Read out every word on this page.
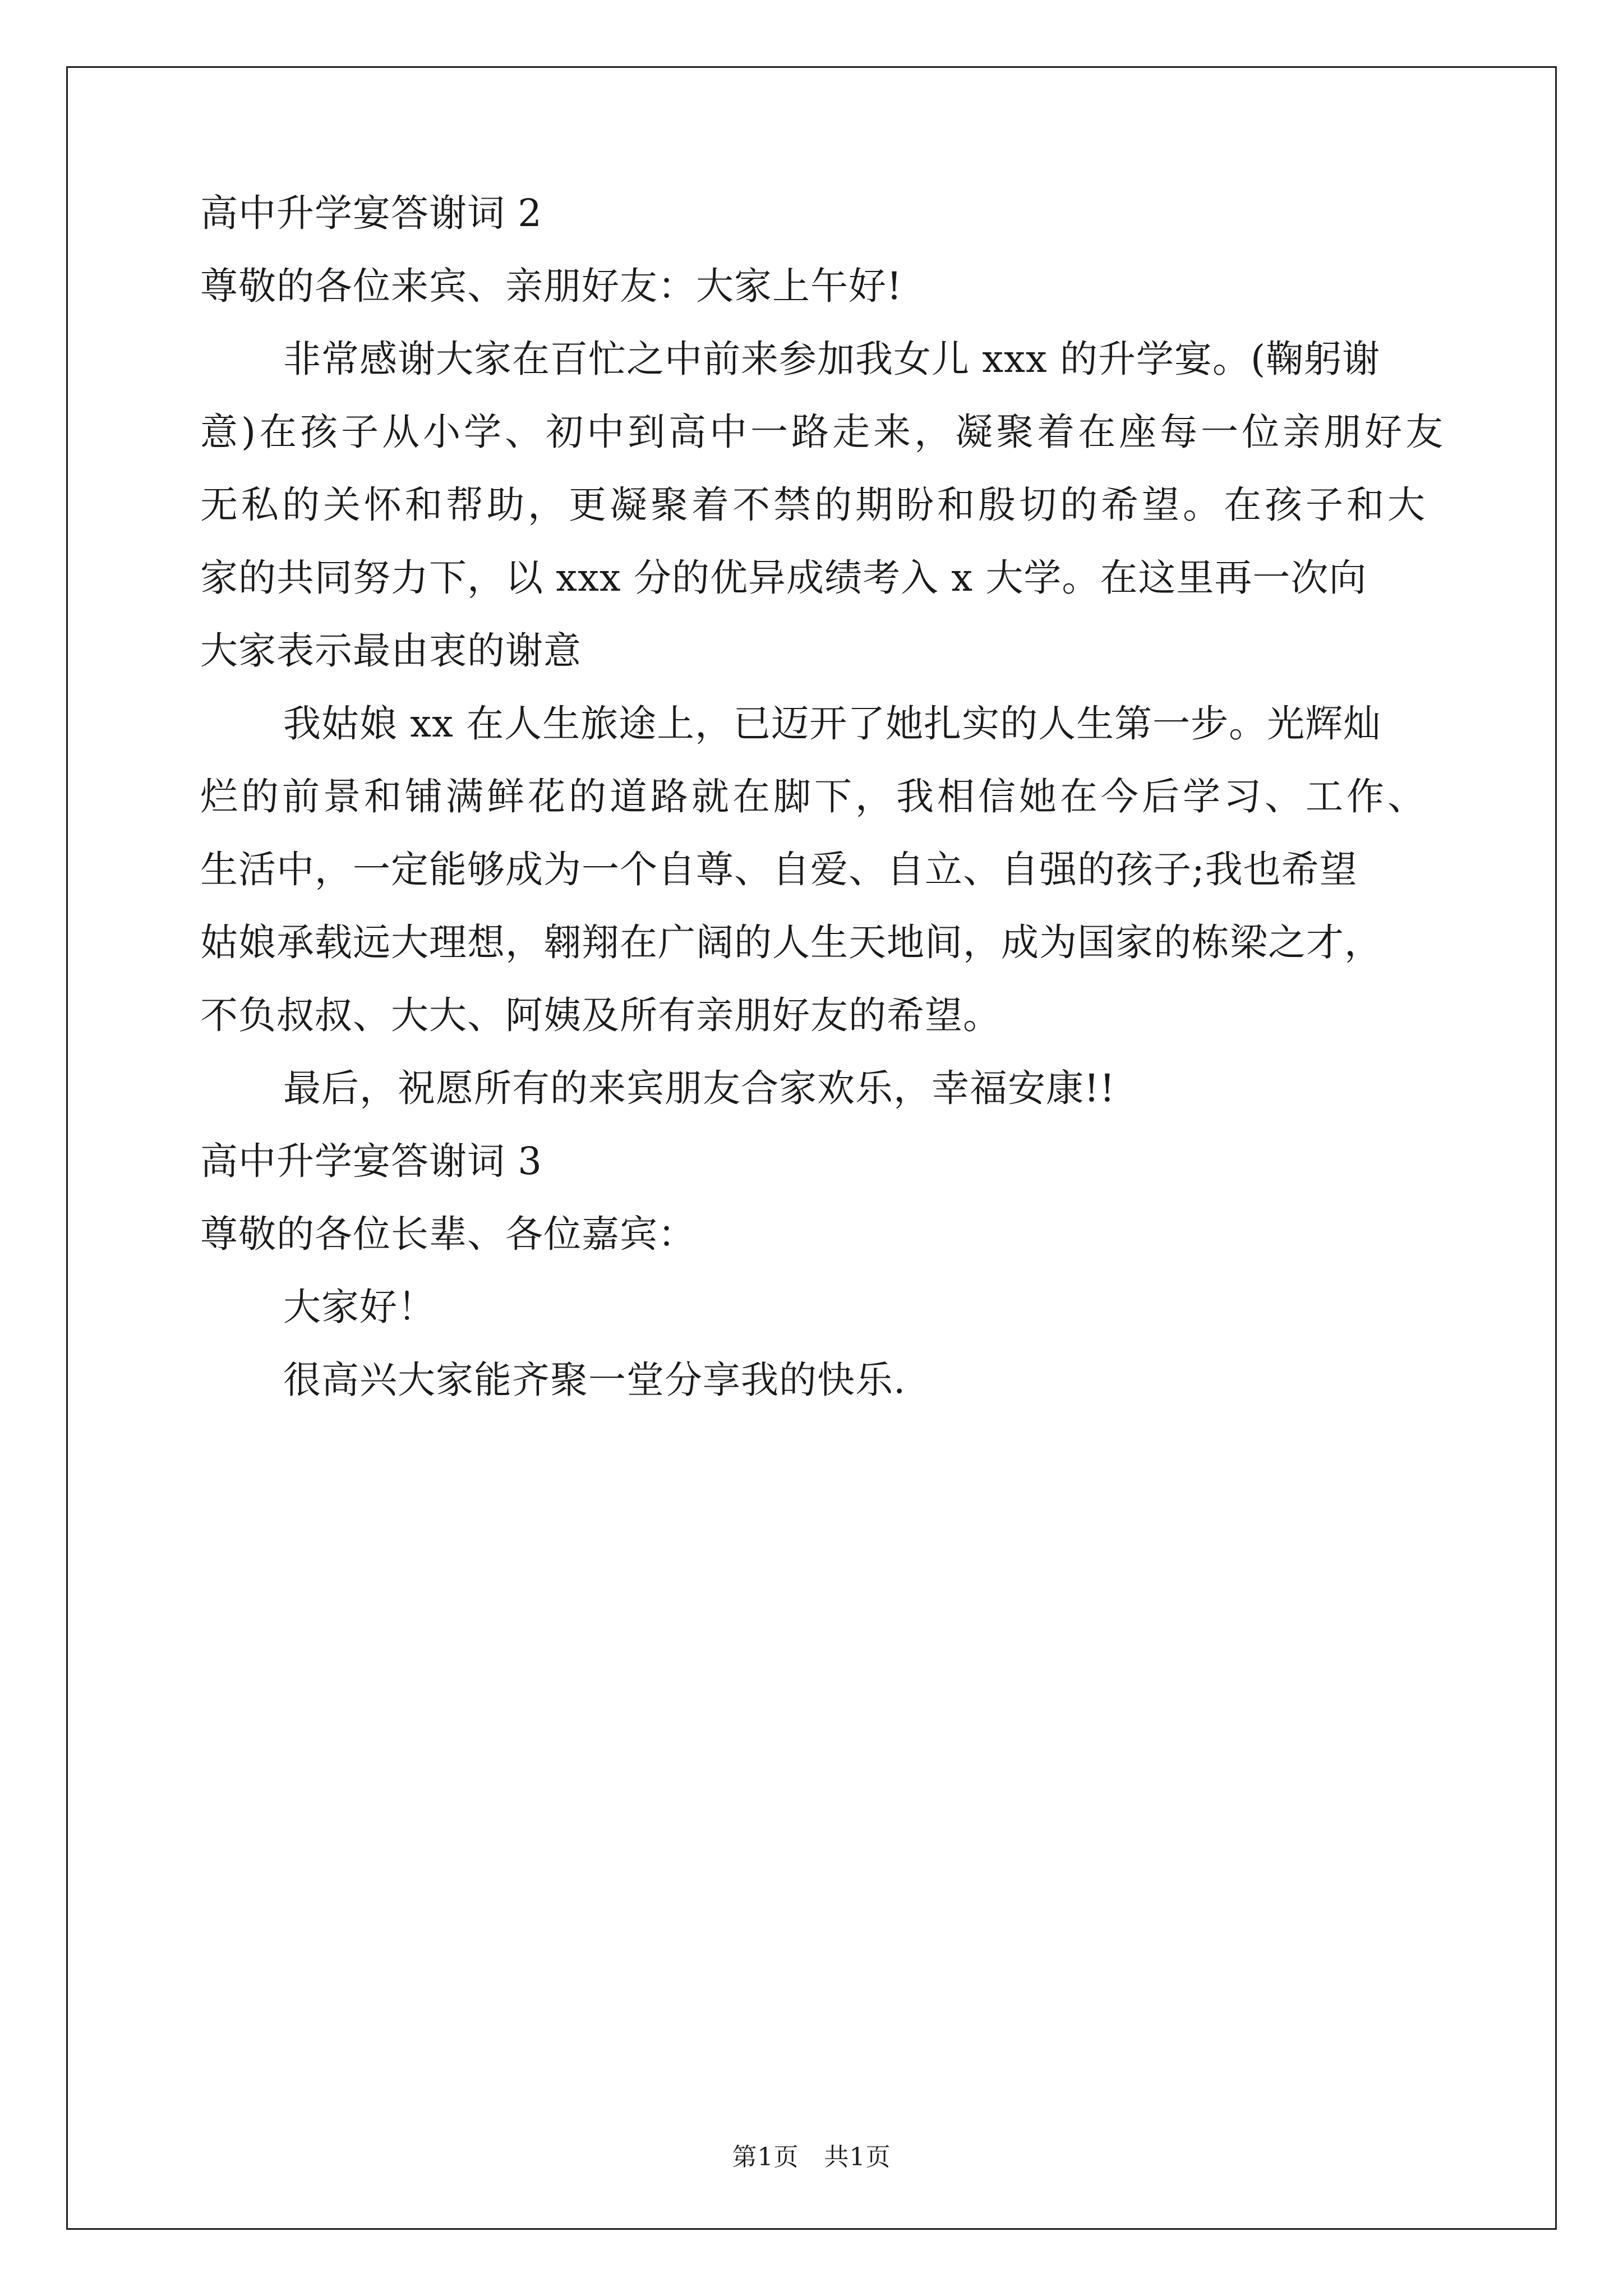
高中升学宴答谢词 2
尊敬的各位来宾、亲朋好友：大家上午好!
非常感谢大家在百忙之中前来参加我女儿 xxx 的升学宴。(鞠躬谢
意)在孩子从小学、初中到高中一路走来，凝聚着在座每一位亲朋好友
无私的关怀和帮助，更凝聚着不禁的期盼和殷切的希望。在孩子和大
家的共同努力下，以 xxx 分的优异成绩考入 x 大学。在这里再一次向
大家表示最由衷的谢意
我姑娘 xx 在人生旅途上，已迈开了她扎实的人生第一步。光辉灿
烂的前景和铺满鲜花的道路就在脚下，我相信她在今后学习、工作、
生活中，一定能够成为一个自尊、自爱、自立、自强的孩子;我也希望
姑娘承载远大理想，翱翔在广阔的人生天地间，成为国家的栋梁之才，
不负叔叔、大大、阿姨及所有亲朋好友的希望。
最后，祝愿所有的来宾朋友合家欢乐，幸福安康!!
高中升学宴答谢词 3
尊敬的各位长辈、各位嘉宾：
大家好！
很高兴大家能齐聚一堂分享我的快乐.
第1页　共1页
